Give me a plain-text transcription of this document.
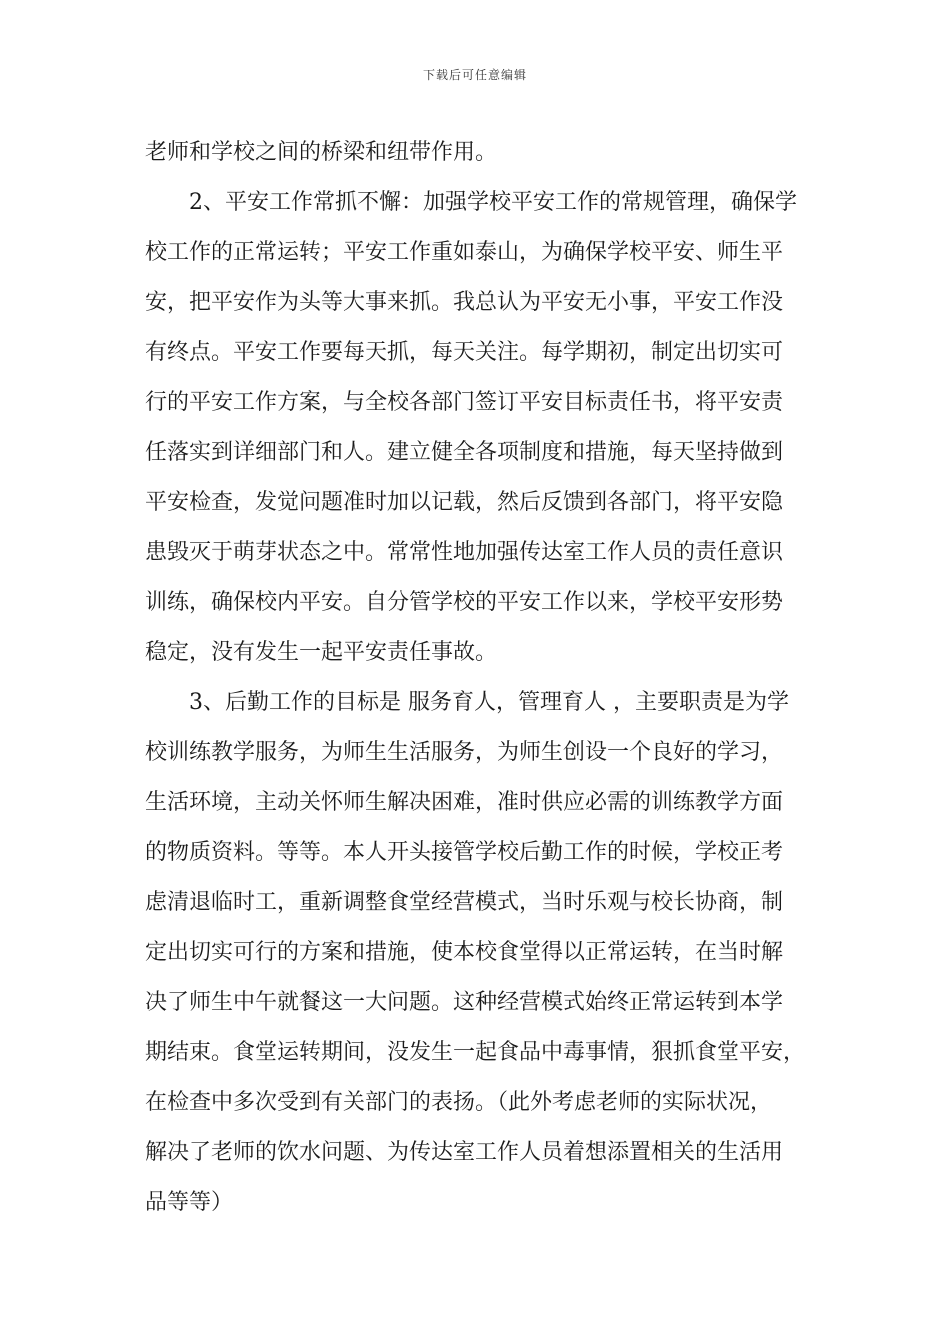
下载后可任意编辑
老师和学校之间的桥梁和纽带作用。
2、平安工作常抓不懈：加强学校平安工作的常规管理，确保学
校工作的正常运转；平安工作重如泰山，为确保学校平安、师生平
安，把平安作为头等大事来抓。我总认为平安无小事，平安工作没
有终点。平安工作要每天抓，每天关注。每学期初，制定出切实可
行的平安工作方案，与全校各部门签订平安目标责任书，将平安责
任落实到详细部门和人。建立健全各项制度和措施，每天坚持做到
平安检查，发觉问题准时加以记载，然后反馈到各部门，将平安隐
患毁灭于萌芽状态之中。常常性地加强传达室工作人员的责任意识
训练，确保校内平安。自分管学校的平安工作以来，学校平安形势
稳定，没有发生一起平安责任事故。
3、后勤工作的目标是 服务育人，管理育人 ，主要职责是为学
校训练教学服务，为师生生活服务，为师生创设一个良好的学习，
生活环境，主动关怀师生解决困难，准时供应必需的训练教学方面
的物质资料。等等。本人开头接管学校后勤工作的时候，学校正考
虑清退临时工，重新调整食堂经营模式，当时乐观与校长协商，制
定出切实可行的方案和措施，使本校食堂得以正常运转，在当时解
决了师生中午就餐这一大问题。这种经营模式始终正常运转到本学
期结束。食堂运转期间，没发生一起食品中毒事情，狠抓食堂平安，
在检查中多次受到有关部门的表扬。（此外考虑老师的实际状况，
解决了老师的饮水问题、为传达室工作人员着想添置相关的生活用
品等等）
